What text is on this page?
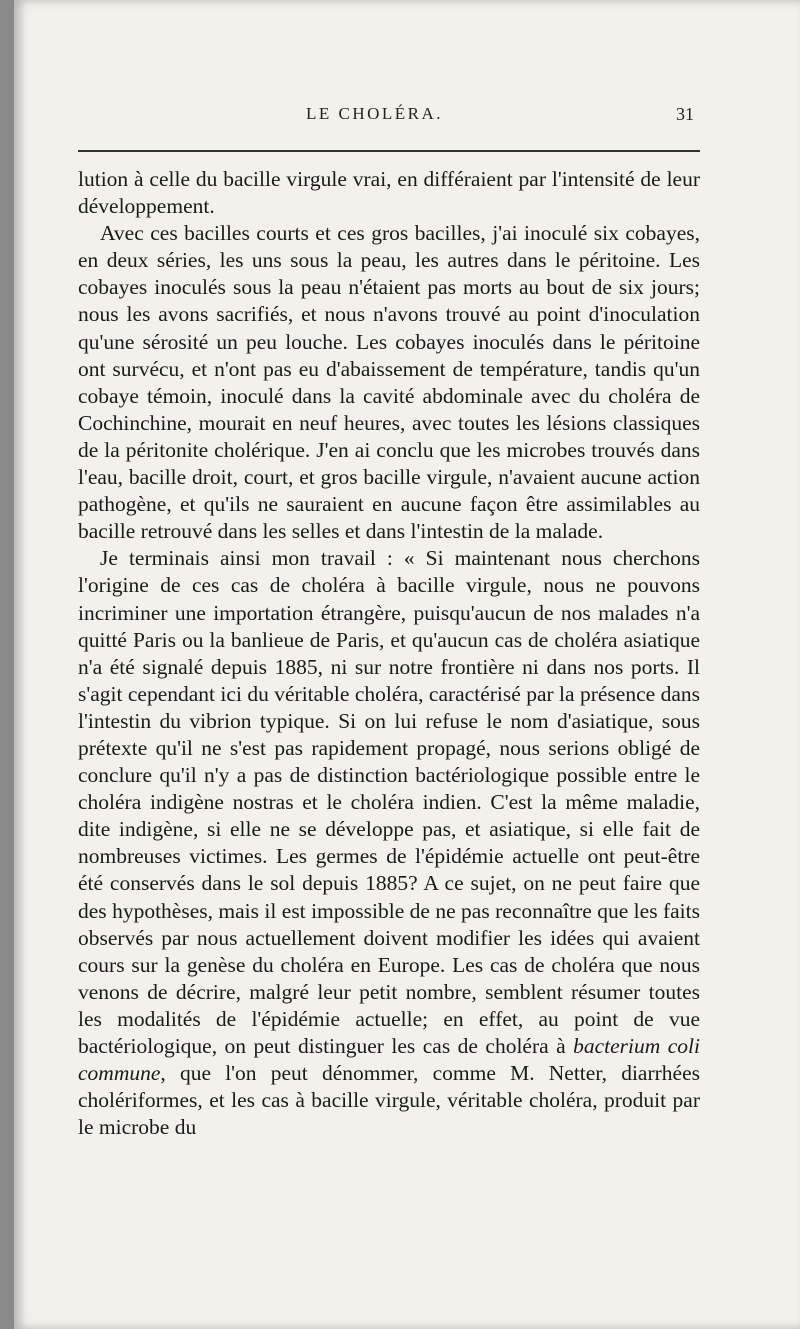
LE CHOLÉRA.	31

lution à celle du bacille virgule vrai, en différaient par l'intensité de leur développement.

Avec ces bacilles courts et ces gros bacilles, j'ai inoculé six cobayes, en deux séries, les uns sous la peau, les autres dans le péritoine. Les cobayes inoculés sous la peau n'étaient pas morts au bout de six jours; nous les avons sacrifiés, et nous n'avons trouvé au point d'inoculation qu'une sérosité un peu louche. Les cobayes inoculés dans le péritoine ont survécu, et n'ont pas eu d'abaissement de température, tandis qu'un cobaye témoin, inoculé dans la cavité abdominale avec du choléra de Cochinchine, mourait en neuf heures, avec toutes les lésions classiques de la péritonite cholérique. J'en ai conclu que les microbes trouvés dans l'eau, bacille droit, court, et gros bacille virgule, n'avaient aucune action pathogène, et qu'ils ne sauraient en aucune façon être assimilables au bacille retrouvé dans les selles et dans l'intestin de la malade.

Je terminais ainsi mon travail : « Si maintenant nous cherchons l'origine de ces cas de choléra à bacille virgule, nous ne pouvons incriminer une importation étrangère, puisqu'aucun de nos malades n'a quitté Paris ou la banlieue de Paris, et qu'aucun cas de choléra asiatique n'a été signalé depuis 1885, ni sur notre frontière ni dans nos ports. Il s'agit cependant ici du véritable choléra, caractérisé par la présence dans l'intestin du vibrion typique. Si on lui refuse le nom d'asiatique, sous prétexte qu'il ne s'est pas rapidement propagé, nous serions obligé de conclure qu'il n'y a pas de distinction bactériologique possible entre le choléra indigène nostras et le choléra indien. C'est la même maladie, dite indigène, si elle ne se développe pas, et asiatique, si elle fait de nombreuses victimes. Les germes de l'épidémie actuelle ont peut-être été conservés dans le sol depuis 1885? A ce sujet, on ne peut faire que des hypothèses, mais il est impossible de ne pas reconnaître que les faits observés par nous actuellement doivent modifier les idées qui avaient cours sur la genèse du choléra en Europe. Les cas de choléra que nous venons de décrire, malgré leur petit nombre, semblent résumer toutes les modalités de l'épidémie actuelle; en effet, au point de vue bactériologique, on peut distinguer les cas de choléra à bacterium coli commune, que l'on peut dénommer, comme M. Netter, diarrhées cholériformes, et les cas à bacille virgule, véritable choléra, produit par le microbe du
